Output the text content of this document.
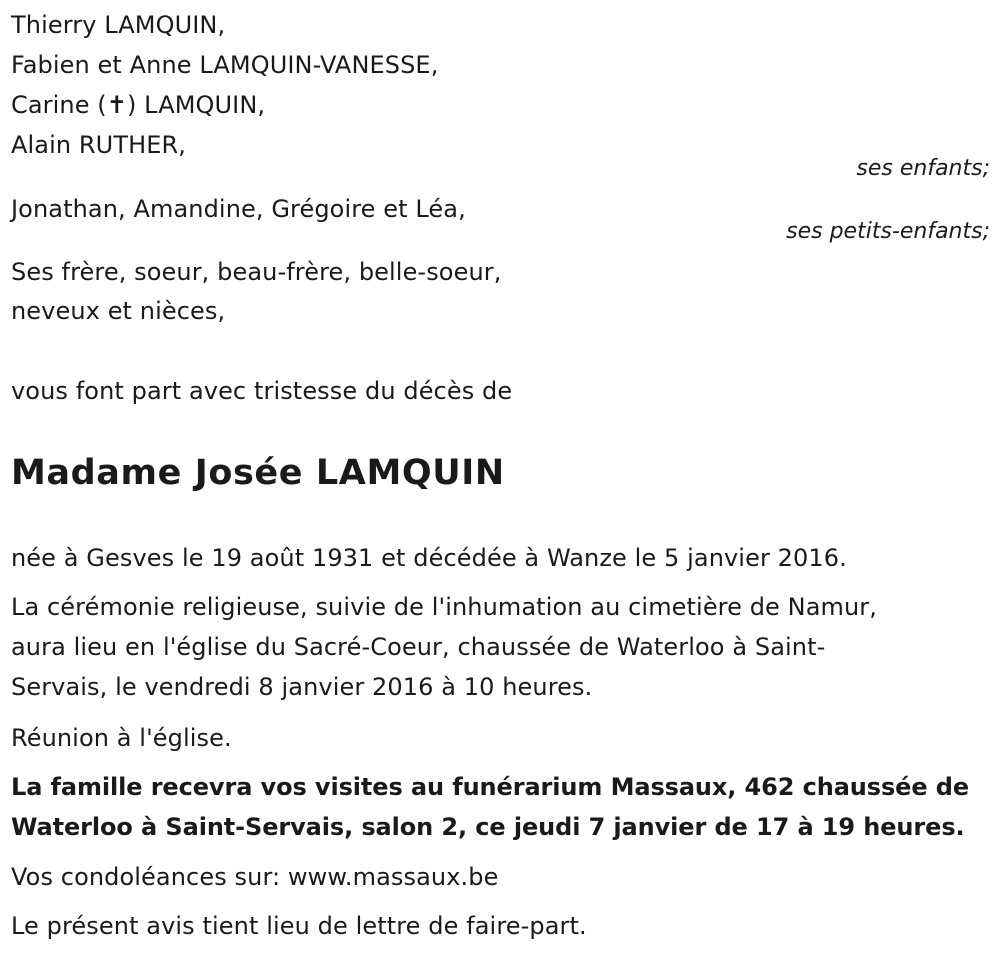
Thierry LAMQUIN,
Fabien et Anne LAMQUIN-VANESSE,
Carine (✝) LAMQUIN,
Alain RUTHER,
ses enfants;
Jonathan, Amandine, Grégoire et Léa,
ses petits-enfants;
Ses frère, soeur, beau-frère, belle-soeur,
neveux et nièces,
vous font part avec tristesse du décès de
Madame Josée LAMQUIN
née à Gesves le 19 août 1931 et décédée à Wanze le 5 janvier 2016.
La cérémonie religieuse, suivie de l'inhumation au cimetière de Namur,
aura lieu en l'église du Sacré-Coeur, chaussée de Waterloo à Saint-
Servais, le vendredi 8 janvier 2016 à 10 heures.
Réunion à l'église.
La famille recevra vos visites au funérarium Massaux, 462 chaussée de
Waterloo à Saint-Servais, salon 2, ce jeudi 7 janvier de 17 à 19 heures.
Vos condoléances sur: www.massaux.be
Le présent avis tient lieu de lettre de faire-part.
